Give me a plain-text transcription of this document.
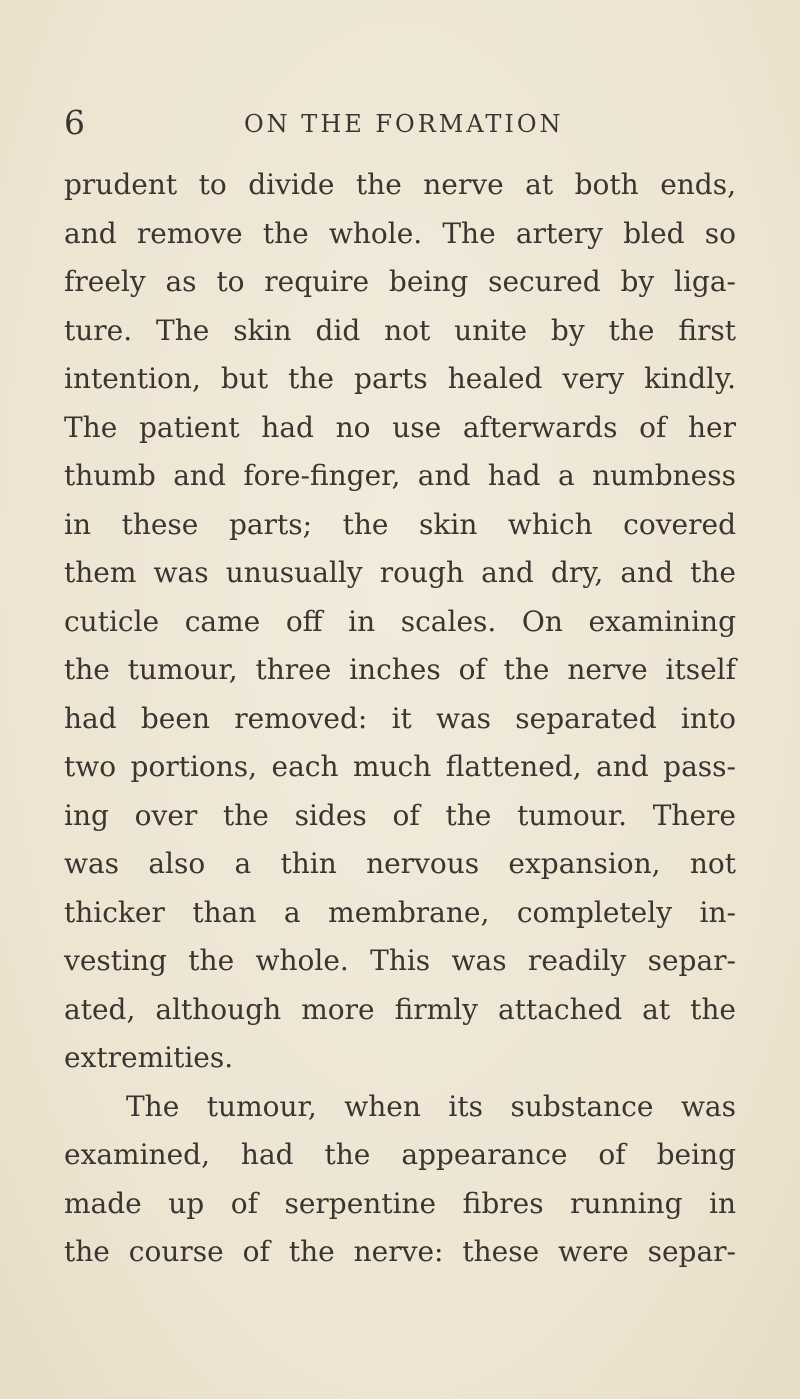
6	ON THE FORMATION
prudent to divide the nerve at both ends,
and remove the whole. The artery bled so
freely as to require being secured by liga-
ture. The skin did not unite by the first
intention, but the parts healed very kindly.
The patient had no use afterwards of her
thumb and fore-finger, and had a numbness
in these parts; the skin which covered
them was unusually rough and dry, and the
cuticle came off in scales. On examining
the tumour, three inches of the nerve itself
had been removed: it was separated into
two portions, each much flattened, and pass-
ing over the sides of the tumour. There
was also a thin nervous expansion, not
thicker than a membrane, completely in-
vesting the whole. This was readily separ-
ated, although more firmly attached at the
extremities.
The tumour, when its substance was
examined, had the appearance of being
made up of serpentine fibres running in
the course of the nerve: these were separ-
